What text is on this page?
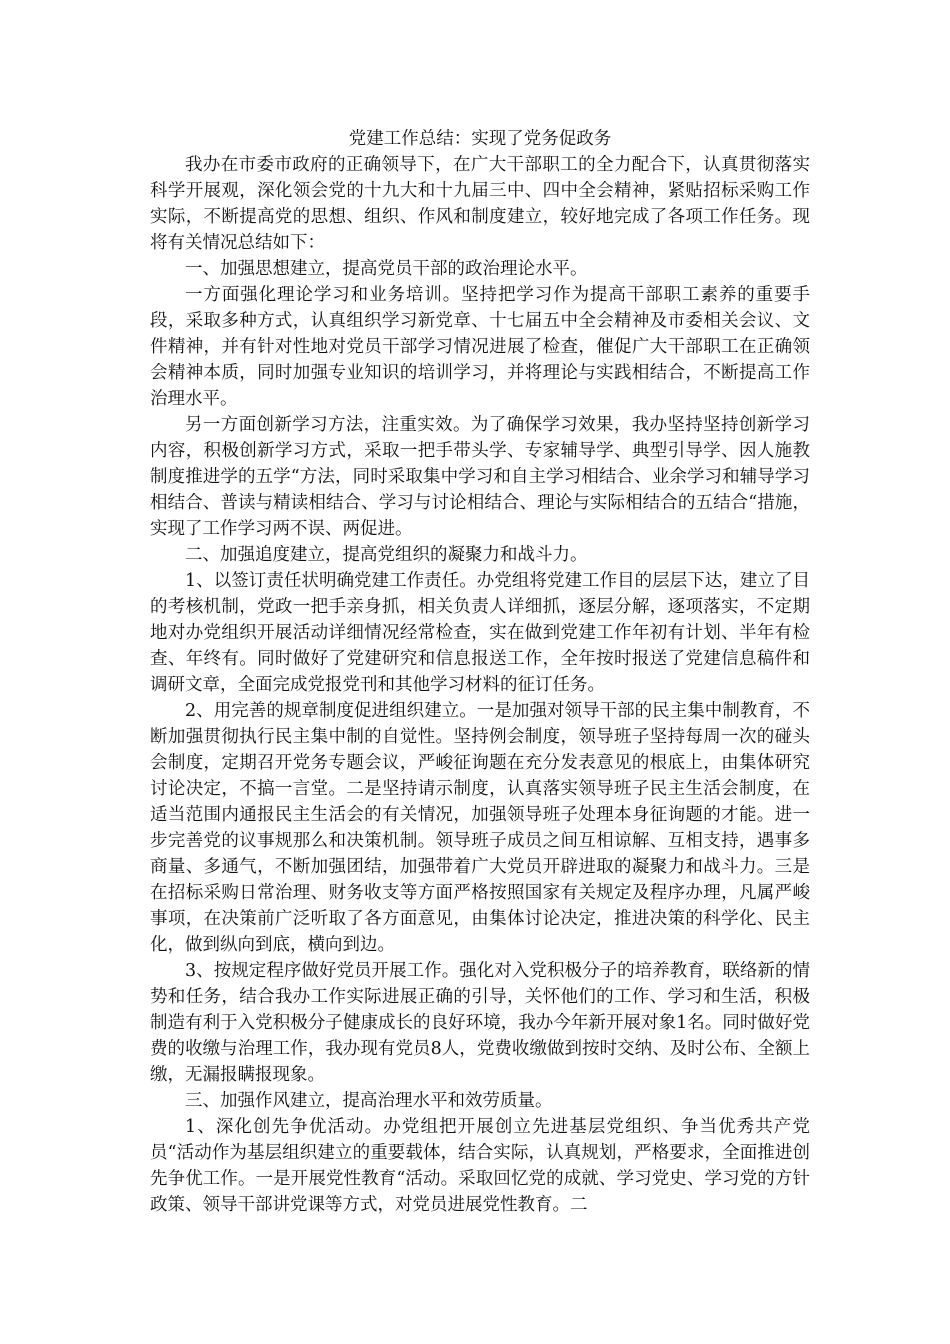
党建工作总结：实现了党务促政务

我办在市委市政府的正确领导下，在广大干部职工的全力配合下，认真贯彻落实科学开展观，深化领会党的十九大和十九届三中、四中全会精神，紧贴招标采购工作实际，不断提高党的思想、组织、作风和制度建立，较好地完成了各项工作任务。现将有关情况总结如下：

一、加强思想建立，提高党员干部的政治理论水平。

一方面强化理论学习和业务培训。坚持把学习作为提高干部职工素养的重要手段，采取多种方式，认真组织学习新党章、十七届五中全会精神及市委相关会议、文件精神，并有针对性地对党员干部学习情况进展了检查，催促广大干部职工在正确领会精神本质，同时加强专业知识的培训学习，并将理论与实践相结合，不断提高工作治理水平。

另一方面创新学习方法，注重实效。为了确保学习效果，我办坚持坚持创新学习内容，积极创新学习方式，采取一把手带头学、专家辅导学、典型引导学、因人施教制度推进学的五学“方法，同时采取集中学习和自主学习相结合、业余学习和辅导学习相结合、普读与精读相结合、学习与讨论相结合、理论与实际相结合的五结合“措施，实现了工作学习两不误、两促进。

二、加强追度建立，提高党组织的凝聚力和战斗力。

1、以签订责任状明确党建工作责任。办党组将党建工作目的层层下达，建立了目的考核机制，党政一把手亲身抓，相关负责人详细抓，逐层分解，逐项落实，不定期地对办党组织开展活动详细情况经常检查，实在做到党建工作年初有计划、半年有检查、年终有。同时做好了党建研究和信息报送工作，全年按时报送了党建信息稿件和调研文章，全面完成党报党刊和其他学习材料的征订任务。

2、用完善的规章制度促进组织建立。一是加强对领导干部的民主集中制教育，不断加强贯彻执行民主集中制的自觉性。坚持例会制度，领导班子坚持每周一次的碰头会制度，定期召开党务专题会议，严峻征询题在充分发表意见的根底上，由集体研究讨论决定，不搞一言堂。二是坚持请示制度，认真落实领导班子民主生活会制度，在适当范围内通报民主生活会的有关情况，加强领导班子处理本身征询题的才能。进一步完善党的议事规那么和决策机制。领导班子成员之间互相谅解、互相支持，遇事多商量、多通气，不断加强团结，加强带着广大党员开辟进取的凝聚力和战斗力。三是在招标采购日常治理、财务收支等方面严格按照国家有关规定及程序办理，凡属严峻事项，在决策前广泛听取了各方面意见，由集体讨论决定，推进决策的科学化、民主化，做到纵向到底，横向到边。

3、按规定程序做好党员开展工作。强化对入党积极分子的培养教育，联络新的情势和任务，结合我办工作实际进展正确的引导，关怀他们的工作、学习和生活，积极制造有利于入党积极分子健康成长的良好环境，我办今年新开展对象1名。同时做好党费的收缴与治理工作，我办现有党员8人，党费收缴做到按时交纳、及时公布、全额上缴，无漏报瞒报现象。

三、加强作风建立，提高治理水平和效劳质量。

1、深化创先争优活动。办党组把开展创立先进基层党组织、争当优秀共产党员“活动作为基层组织建立的重要载体，结合实际，认真规划，严格要求，全面推进创先争优工作。一是开展党性教育“活动。采取回忆党的成就、学习党史、学习党的方针政策、领导干部讲党课等方式，对党员进展党性教育。二
